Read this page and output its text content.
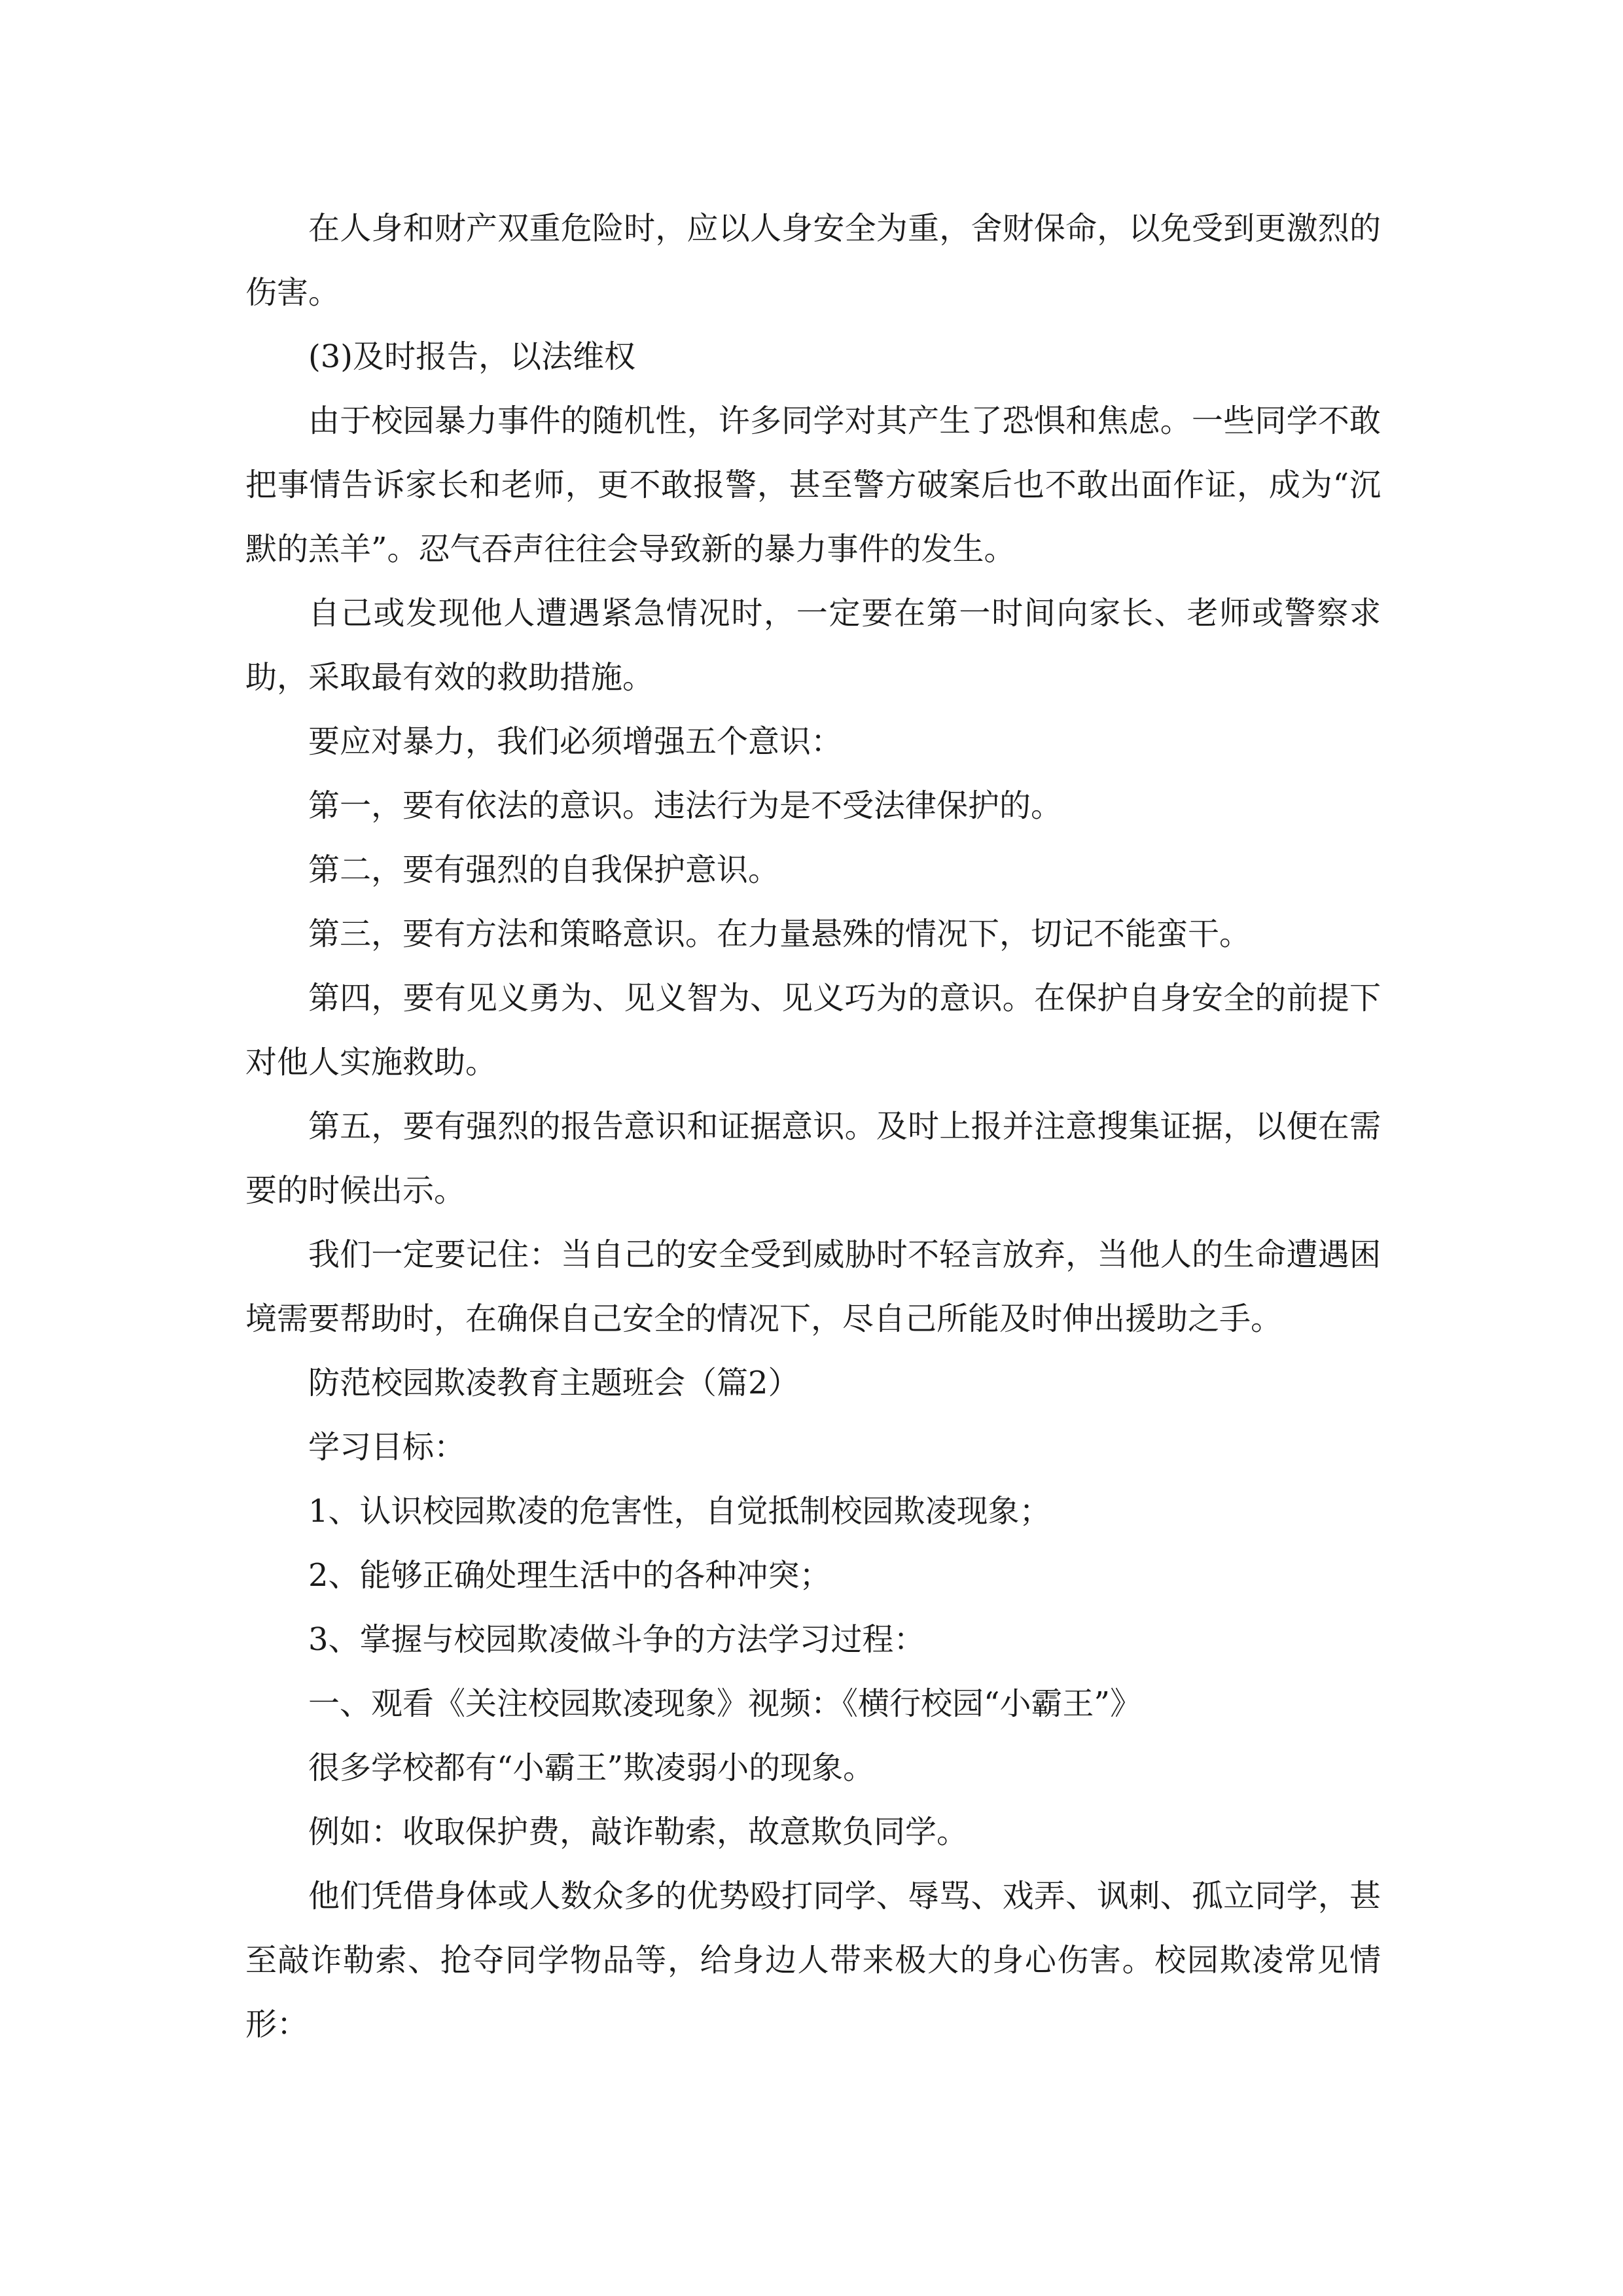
在人身和财产双重危险时，应以人身安全为重，舍财保命，以免受到更激烈的伤害。

(3)及时报告，以法维权

由于校园暴力事件的随机性，许多同学对其产生了恐惧和焦虑。一些同学不敢把事情告诉家长和老师，更不敢报警，甚至警方破案后也不敢出面作证，成为“沉默的羔羊”。忍气吞声往往会导致新的暴力事件的发生。

自己或发现他人遭遇紧急情况时，一定要在第一时间向家长、老师或警察求助，采取最有效的救助措施。

要应对暴力，我们必须增强五个意识：

第一，要有依法的意识。违法行为是不受法律保护的。

第二，要有强烈的自我保护意识。

第三，要有方法和策略意识。在力量悬殊的情况下，切记不能蛮干。

第四，要有见义勇为、见义智为、见义巧为的意识。在保护自身安全的前提下对他人实施救助。

第五，要有强烈的报告意识和证据意识。及时上报并注意搜集证据，以便在需要的时候出示。

我们一定要记住：当自己的安全受到威胁时不轻言放弃，当他人的生命遭遇困境需要帮助时，在确保自己安全的情况下，尽自己所能及时伸出援助之手。

防范校园欺凌教育主题班会（篇2）

学习目标：

1、认识校园欺凌的危害性，自觉抵制校园欺凌现象；

2、能够正确处理生活中的各种冲突；

3、掌握与校园欺凌做斗争的方法学习过程：

一、观看《关注校园欺凌现象》视频：《横行校园“小霸王”》

很多学校都有“小霸王”欺凌弱小的现象。

例如：收取保护费，敲诈勒索，故意欺负同学。

他们凭借身体或人数众多的优势殴打同学、辱骂、戏弄、讽刺、孤立同学，甚至敲诈勒索、抢夺同学物品等，给身边人带来极大的身心伤害。校园欺凌常见情形：
